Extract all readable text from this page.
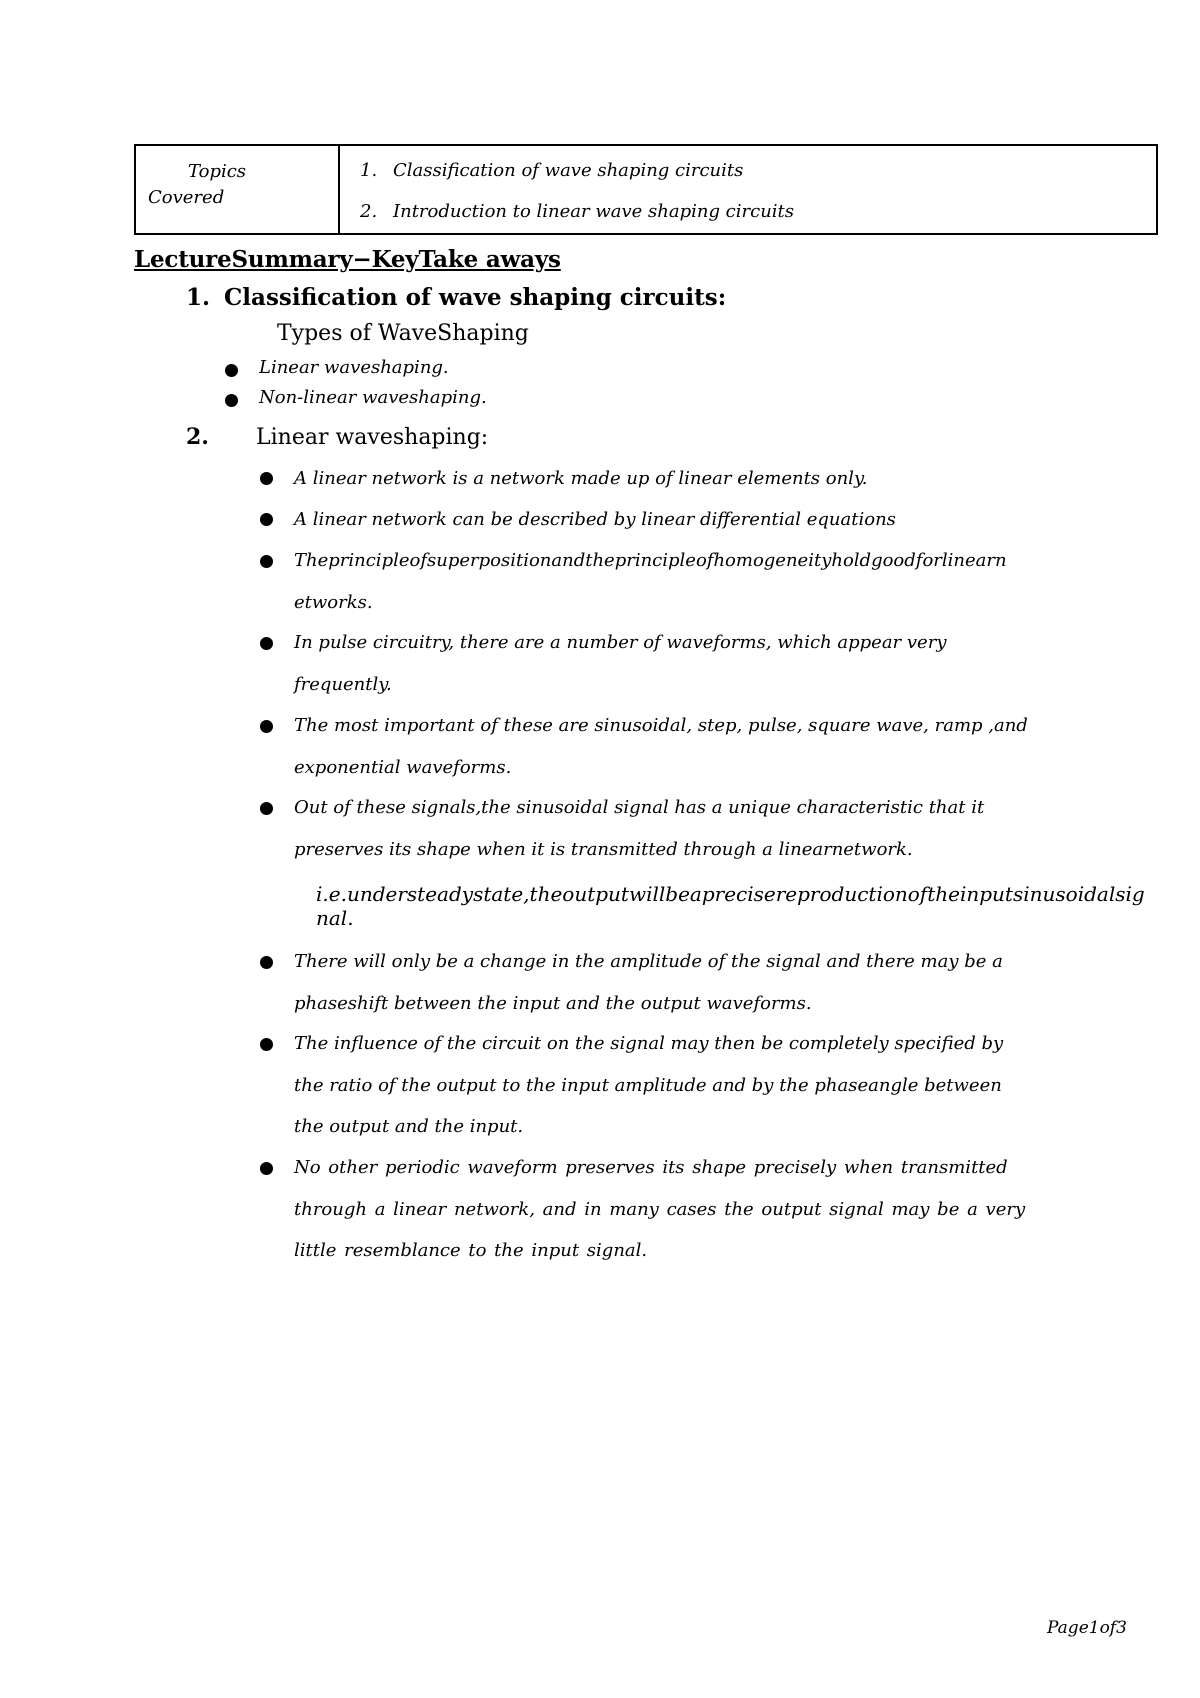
Topics
Covered
1. Classification of wave shaping circuits
2. Introduction to linear wave shaping circuits
LectureSummary−KeyTake aways
1. Classification of wave shaping circuits:
Types of WaveShaping
Linear waveshaping.
Non-linear waveshaping.
2. Linear waveshaping:
A linear network is a network made up of linear elements only.
A linear network can be described by linear differential equations
Theprincipleofsuperpositionandtheprincipleofhomogeneityholdgoodforlinearn
etworks.
In pulse circuitry, there are a number of waveforms, which appear very
frequently.
The most important of these are sinusoidal, step, pulse, square wave, ramp ,and
exponential waveforms.
Out of these signals,the sinusoidal signal has a unique characteristic that it
preserves its shape when it is transmitted through a linearnetwork.
i.e.understeadystate,theoutputwillbeaprecisereproductionoftheinputsinusoidalsignal.
There will only be a change in the amplitude of the signal and there may be a
phaseshift between the input and the output waveforms.
The influence of the circuit on the signal may then be completely specified by
the ratio of the output to the input amplitude and by the phaseangle between
the output and the input.
No other periodic waveform preserves its shape precisely when transmitted
through a linear network, and in many cases the output signal may be a very
little resemblance to the input signal.
Page1of3
